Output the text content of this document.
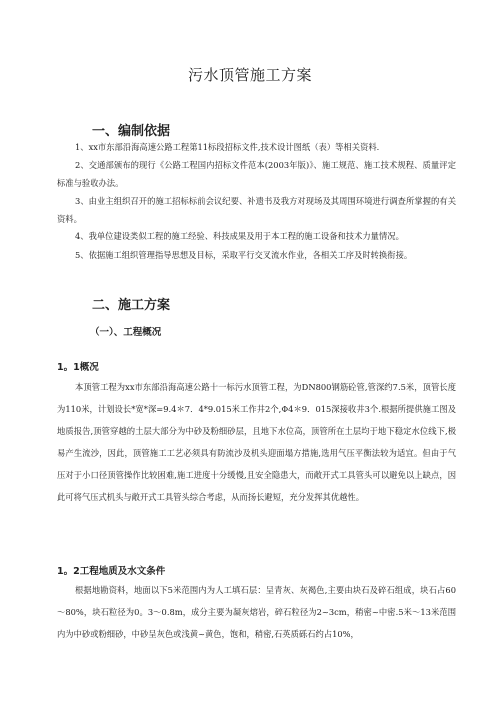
污水顶管施工方案
一、编制依据

1、xx市东部沿海高速公路工程第11标段招标文件,技术设计图纸（表）等相关资料.

2、交通部颁布的现行《公路工程国内招标文件范本(2003年版)》、施工规范、施工技术规程、质量评定标准与验收办法。

3、由业主组织召开的施工招标标前会议纪要、补遗书及我方对现场及其周围环境进行调查所掌握的有关资料。

4、我单位建设类似工程的施工经验、科技成果及用于本工程的施工设备和技术力量情况。

5、依据施工组织管理指导思想及目标，采取平行交叉流水作业，各相关工序及时转换衔接。

二、施工方案
（一）、工程概况
1。1概况

本顶管工程为xx市东部沿海高速公路十一标污水顶管工程，为DN800钢筋砼管,管深约7.5米，顶管长度为110米，计划设长*宽*深=9.4＊7．4*9.015米工作井2个,Φ4＊9．015深接收井3个.根据所提供施工图及地质报告,顶管穿越的土层大部分为中砂及粉细砂层，且地下水位高，顶管所在土层均于地下稳定水位线下,极易产生流沙，因此，顶管施工工艺必须具有防流沙及机头迎面塌方措施,选用气压平衡法较为适宜。但由于气压对于小口径顶管操作比较困难,施工进度十分缓慢,且安全隐患大，而敞开式工具管头可以避免以上缺点，因此可将气压式机头与敞开式工具管头综合考虑，从而扬长避短，充分发挥其优越性。

1。2工程地质及水文条件

根据地勘资料，地面以下5米范围内为人工填石层：呈青灰、灰褐色,主要由块石及碎石组成，块石占60～80%，块石粒径为0。3～0.8m，成分主要为凝灰熔岩，碎石粒径为2~3cm，稍密~中密.5米～13米范围内为中砂或粉细砂，中砂呈灰色或浅黄~黄色，饱和，稍密,石英质砾石约占10%，
